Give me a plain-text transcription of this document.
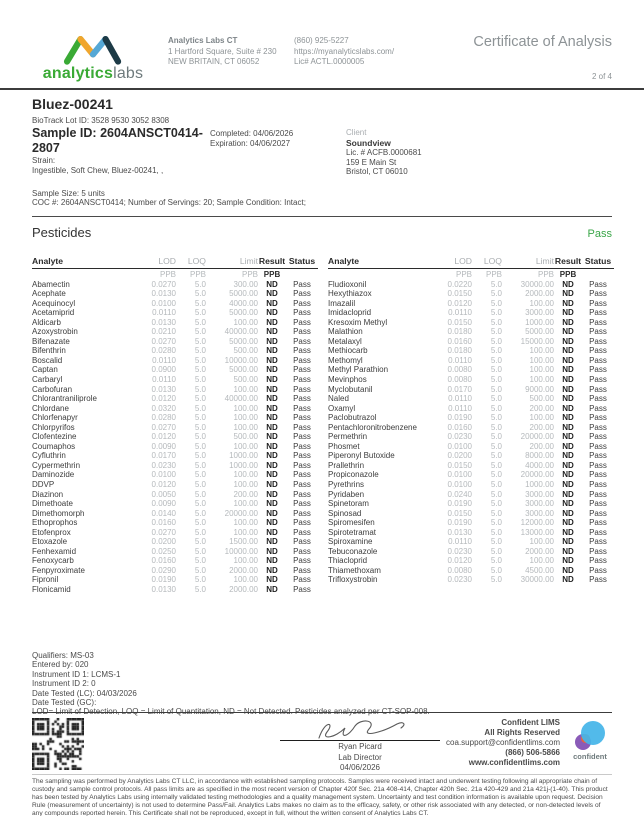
analyticslabs
Analytics Labs CT
1 Hartford Square, Suite # 230
NEW BRITAIN, CT 06052
(860) 925-5227
https://myanalyticslabs.com/
Lic# ACTL.0000005
Certificate of Analysis
2 of 4
Bluez-00241
BioTrack Lot ID: 3528 9530 3052 8308
Sample ID: 2604ANSCT0414-2807
Strain:
Ingestible, Soft Chew, Bluez-00241, ,
Completed: 04/06/2026
Expiration: 04/06/2027
Client
Soundview
Lic. # ACFB.0000681
159 E Main St
Bristol, CT 06010
Sample Size: 5 units
COC #: 2604ANSCT0414; Number of Servings: 20; Sample Condition: Intact;
Pesticides	Pass
Analyte	LOD	LOQ	Limit Result Status
PPB	PPB	PPB PPB
Abamectin	0.0270	5.0	300.00	ND	Pass
Acephate	0.0130	5.0	5000.00	ND	Pass
Acequinocyl	0.0100	5.0	4000.00	ND	Pass
Acetamiprid	0.0110	5.0	5000.00	ND	Pass
Aldicarb	0.0130	5.0	100.00	ND	Pass
Azoxystrobin	0.0210	5.0	40000.00	ND	Pass
Bifenazate	0.0270	5.0	5000.00	ND	Pass
Bifenthrin	0.0280	5.0	500.00	ND	Pass
Boscalid	0.0110	5.0	10000.00	ND	Pass
Captan	0.0900	5.0	5000.00	ND	Pass
Carbaryl	0.0110	5.0	500.00	ND	Pass
Carbofuran	0.0130	5.0	100.00	ND	Pass
Chlorantraniliprole	0.0120	5.0	40000.00	ND	Pass
Chlordane	0.0320	5.0	100.00	ND	Pass
Chlorfenapyr	0.0280	5.0	100.00	ND	Pass
Chlorpyrifos	0.0270	5.0	100.00	ND	Pass
Clofentezine	0.0120	5.0	500.00	ND	Pass
Coumaphos	0.0090	5.0	100.00	ND	Pass
Cyfluthrin	0.0170	5.0	1000.00	ND	Pass
Cypermethrin	0.0230	5.0	1000.00	ND	Pass
Daminozide	0.0100	5.0	100.00	ND	Pass
DDVP	0.0120	5.0	100.00	ND	Pass
Diazinon	0.0050	5.0	200.00	ND	Pass
Dimethoate	0.0090	5.0	100.00	ND	Pass
Dimethomorph	0.0140	5.0	20000.00	ND	Pass
Ethoprophos	0.0160	5.0	100.00	ND	Pass
Etofenprox	0.0270	5.0	100.00	ND	Pass
Etoxazole	0.0200	5.0	1500.00	ND	Pass
Fenhexamid	0.0250	5.0	10000.00	ND	Pass
Fenoxycarb	0.0160	5.0	100.00	ND	Pass
Fenpyroximate	0.0290	5.0	2000.00	ND	Pass
Fipronil	0.0190	5.0	100.00	ND	Pass
Flonicamid	0.0130	5.0	2000.00	ND	Pass
Analyte	LOD	LOQ	Limit Result Status
PPB	PPB	PPB PPB
Fludioxonil	0.0220	5.0	30000.00	ND	Pass
Hexythiazox	0.0150	5.0	2000.00	ND	Pass
Imazalil	0.0120	5.0	100.00	ND	Pass
Imidacloprid	0.0110	5.0	3000.00	ND	Pass
Kresoxim Methyl	0.0150	5.0	1000.00	ND	Pass
Malathion	0.0180	5.0	5000.00	ND	Pass
Metalaxyl	0.0160	5.0	15000.00	ND	Pass
Methiocarb	0.0180	5.0	100.00	ND	Pass
Methomyl	0.0110	5.0	100.00	ND	Pass
Methyl Parathion	0.0080	5.0	100.00	ND	Pass
Mevinphos	0.0080	5.0	100.00	ND	Pass
Myclobutanil	0.0170	5.0	9000.00	ND	Pass
Naled	0.0110	5.0	500.00	ND	Pass
Oxamyl	0.0110	5.0	200.00	ND	Pass
Paclobutrazol	0.0190	5.0	100.00	ND	Pass
Pentachloronitrobenzene	0.0160	5.0	200.00	ND	Pass
Permethrin	0.0230	5.0	20000.00	ND	Pass
Phosmet	0.0100	5.0	200.00	ND	Pass
Piperonyl Butoxide	0.0200	5.0	8000.00	ND	Pass
Prallethrin	0.0150	5.0	4000.00	ND	Pass
Propiconazole	0.0100	5.0	20000.00	ND	Pass
Pyrethrins	0.0100	5.0	1000.00	ND	Pass
Pyridaben	0.0240	5.0	3000.00	ND	Pass
Spinetoram	0.0190	5.0	3000.00	ND	Pass
Spinosad	0.0150	5.0	3000.00	ND	Pass
Spiromesifen	0.0190	5.0	12000.00	ND	Pass
Spirotetramat	0.0130	5.0	13000.00	ND	Pass
Spiroxamine	0.0110	5.0	100.00	ND	Pass
Tebuconazole	0.0230	5.0	2000.00	ND	Pass
Thiacloprid	0.0120	5.0	100.00	ND	Pass
Thiamethoxam	0.0080	5.0	4500.00	ND	Pass
Trifloxystrobin	0.0230	5.0	30000.00	ND	Pass
Qualifiers: MS-03
Entered by: 020
Instrument ID 1: LCMS-1
Instrument ID 2: 0
Date Tested (LC): 04/03/2026
Date Tested (GC):
LOD= Limit of Detection, LOQ = Limit of Quantitation, ND = Not Detected. Pesticides analyzed per CT-SOP-008.
Ryan Picard
Lab Director
04/06/2026
Confident LIMS
All Rights Reserved
coa.support@confidentlims.com
(866) 506-5866
www.confidentlims.com
confident
The sampling was performed by Analytics Labs CT LLC, in accordance with established sampling protocols. Samples were received intact and underwent testing following all appropriate chain of custody and sample control protocols. All pass limits are as specified in the most recent version of Chapter 420f Sec. 21a 408-414, Chapter 420h Sec. 21a 420-429 and 21a 421j-(1-40). This product has been tested by Analytics Labs using internally validated testing methodologies and a quality management system. Uncertainty and test condition information is available upon request. Decision Rule (measurement of uncertainty) is not used to determine Pass/Fail. Analytics Labs makes no claim as to the efficacy, safety, or other risk associated with any detected, or non-detected levels of any compounds reported herein. This Certificate shall not be reproduced, except in full, without the written consent of Analytics Labs CT.
